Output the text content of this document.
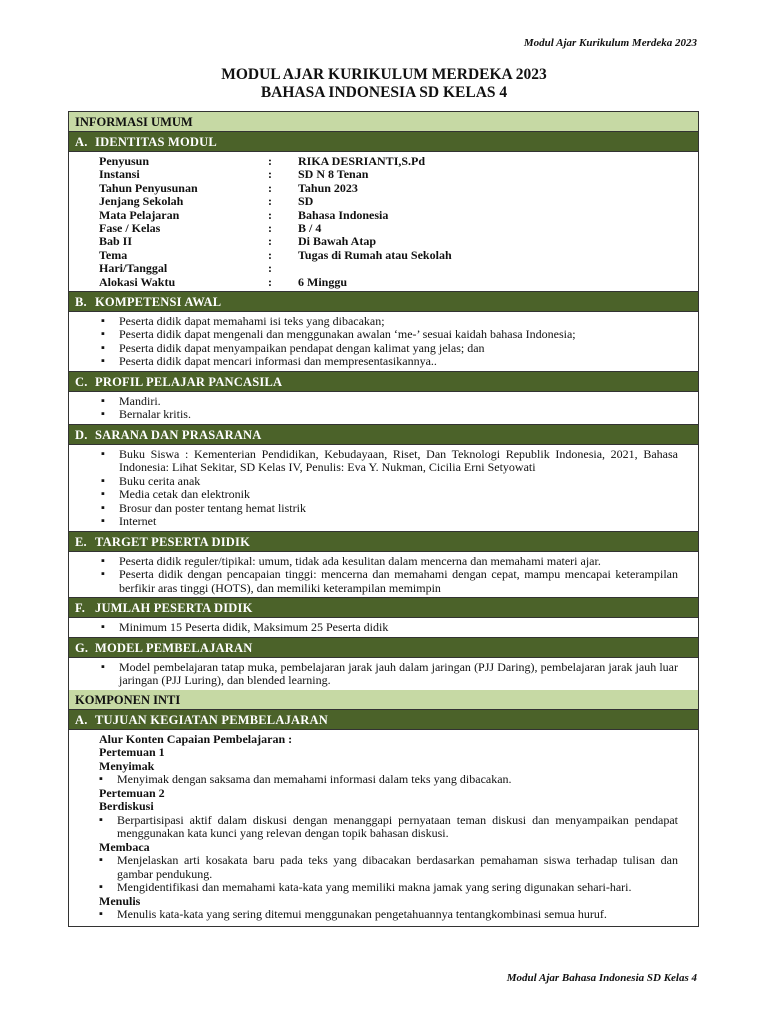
Modul Ajar Kurikulum Merdeka 2023
MODUL AJAR KURIKULUM MERDEKA 2023
BAHASA INDONESIA SD KELAS 4
INFORMASI UMUM
A. IDENTITAS MODUL
Penyusun	:	RIKA DESRIANTI,S.Pd
Instansi	:	SD N 8 Tenan
Tahun Penyusunan	:	Tahun 2023
Jenjang Sekolah	:	SD
Mata Pelajaran	:	Bahasa Indonesia
Fase / Kelas	:	B / 4
Bab II	:	Di Bawah Atap
Tema	:	Tugas di Rumah atau Sekolah
Hari/Tanggal	:
Alokasi Waktu	:	6 Minggu
B. KOMPETENSI AWAL
▪ Peserta didik dapat memahami isi teks yang dibacakan;
▪ Peserta didik dapat mengenali dan menggunakan awalan ‘me-’ sesuai kaidah bahasa Indonesia;
▪ Peserta didik dapat menyampaikan pendapat dengan kalimat yang jelas; dan
▪ Peserta didik dapat mencari informasi dan mempresentasikannya..
C. PROFIL PELAJAR PANCASILA
▪ Mandiri.
▪ Bernalar kritis.
D. SARANA DAN PRASARANA
▪ Buku Siswa : Kementerian Pendidikan, Kebudayaan, Riset, Dan Teknologi Republik Indonesia, 2021, Bahasa Indonesia: Lihat Sekitar, SD Kelas IV, Penulis: Eva Y. Nukman, Cicilia Erni Setyowati
▪ Buku cerita anak
▪ Media cetak dan elektronik
▪ Brosur dan poster tentang hemat listrik
▪ Internet
E. TARGET PESERTA DIDIK
▪ Peserta didik reguler/tipikal: umum, tidak ada kesulitan dalam mencerna dan memahami materi ajar.
▪ Peserta didik dengan pencapaian tinggi: mencerna dan memahami dengan cepat, mampu mencapai keterampilan berfikir aras tinggi (HOTS), dan memiliki keterampilan memimpin
F. JUMLAH PESERTA DIDIK
▪ Minimum 15 Peserta didik, Maksimum 25 Peserta didik
G. MODEL PEMBELAJARAN
▪ Model pembelajaran tatap muka, pembelajaran jarak jauh dalam jaringan (PJJ Daring), pembelajaran jarak jauh luar jaringan (PJJ Luring), dan blended learning.
KOMPONEN INTI
A. TUJUAN KEGIATAN PEMBELAJARAN
Alur Konten Capaian Pembelajaran :
Pertemuan 1
Menyimak
▪ Menyimak dengan saksama dan memahami informasi dalam teks yang dibacakan.
Pertemuan 2
Berdiskusi
▪ Berpartisipasi aktif dalam diskusi dengan menanggapi pernyataan teman diskusi dan menyampaikan pendapat menggunakan kata kunci yang relevan dengan topik bahasan diskusi.
Membaca
▪ Menjelaskan arti kosakata baru pada teks yang dibacakan berdasarkan pemahaman siswa terhadap tulisan dan gambar pendukung.
▪ Mengidentifikasi dan memahami kata-kata yang memiliki makna jamak yang sering digunakan sehari-hari.
Menulis
▪ Menulis kata-kata yang sering ditemui menggunakan pengetahuannya tentangkombinasi semua huruf.
Modul Ajar Bahasa Indonesia SD Kelas 4
